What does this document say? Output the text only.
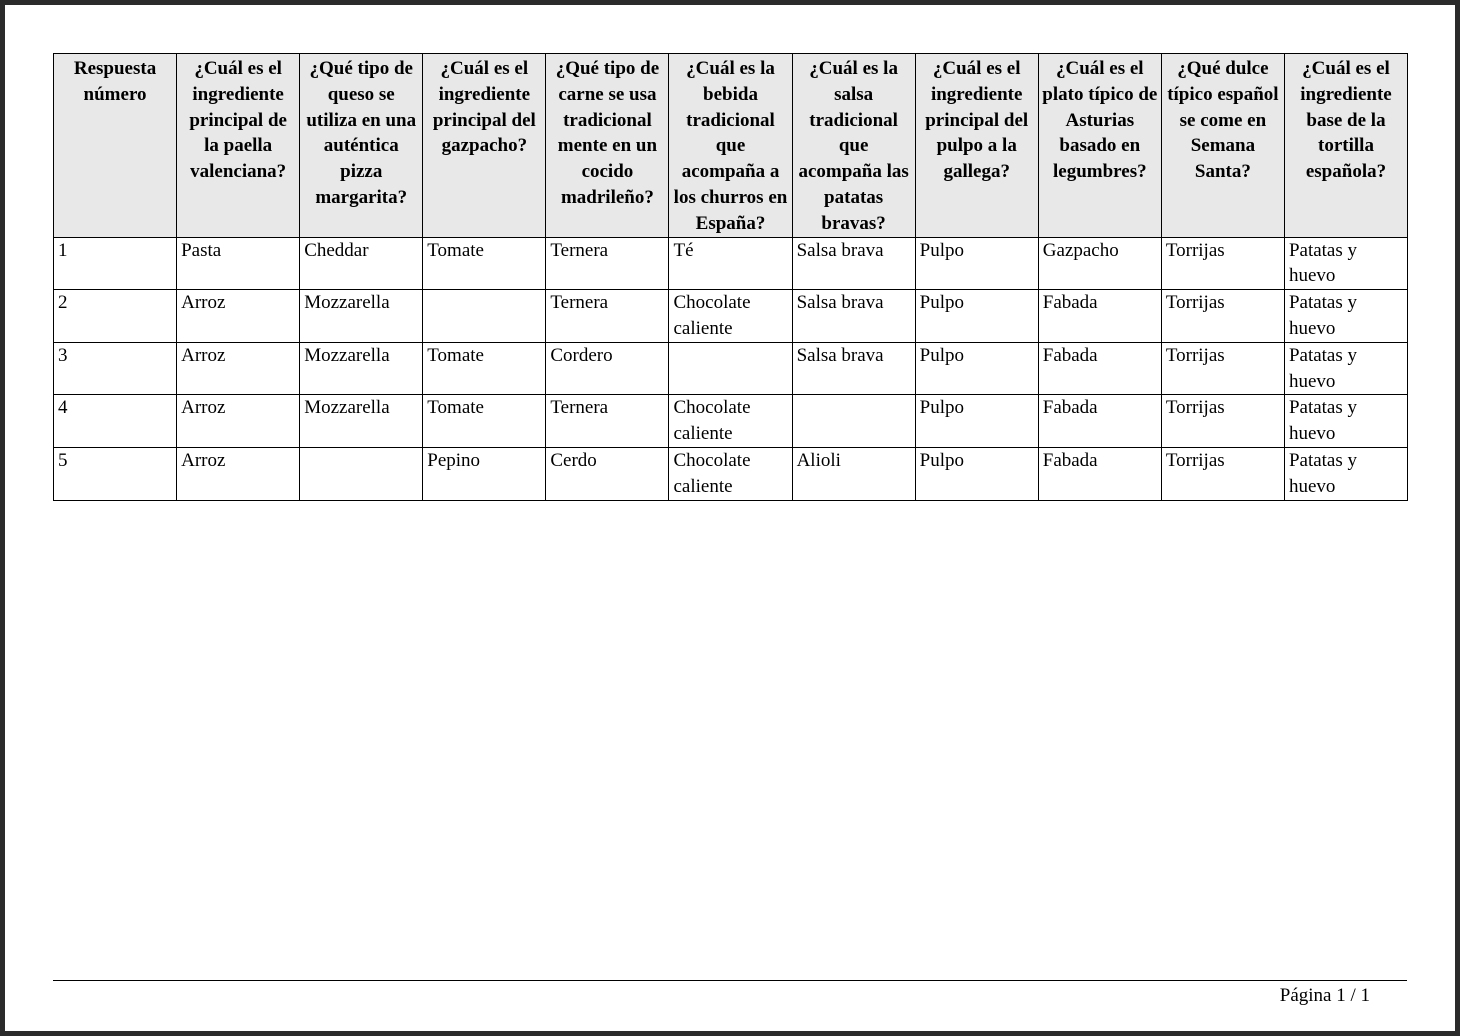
Respuesta número	¿Cuál es el ingrediente principal de la paella valenciana?	¿Qué tipo de queso se utiliza en una auténtica pizza margarita?	¿Cuál es el ingrediente principal del gazpacho?	¿Qué tipo de carne se usa tradicional mente en un cocido madrileño?	¿Cuál es la bebida tradicional que acompaña a los churros en España?	¿Cuál es la salsa tradicional que acompaña las patatas bravas?	¿Cuál es el ingrediente principal del pulpo a la gallega?	¿Cuál es el plato típico de Asturias basado en legumbres?	¿Qué dulce típico español se come en Semana Santa?	¿Cuál es el ingrediente base de la tortilla española?
1	Pasta	Cheddar	Tomate	Ternera	Té	Salsa brava	Pulpo	Gazpacho	Torrijas	Patatas y huevo
2	Arroz	Mozzarella		Ternera	Chocolate caliente	Salsa brava	Pulpo	Fabada	Torrijas	Patatas y huevo
3	Arroz	Mozzarella	Tomate	Cordero		Salsa brava	Pulpo	Fabada	Torrijas	Patatas y huevo
4	Arroz	Mozzarella	Tomate	Ternera	Chocolate caliente		Pulpo	Fabada	Torrijas	Patatas y huevo
5	Arroz		Pepino	Cerdo	Chocolate caliente	Alioli	Pulpo	Fabada	Torrijas	Patatas y huevo
Página 1 / 1
